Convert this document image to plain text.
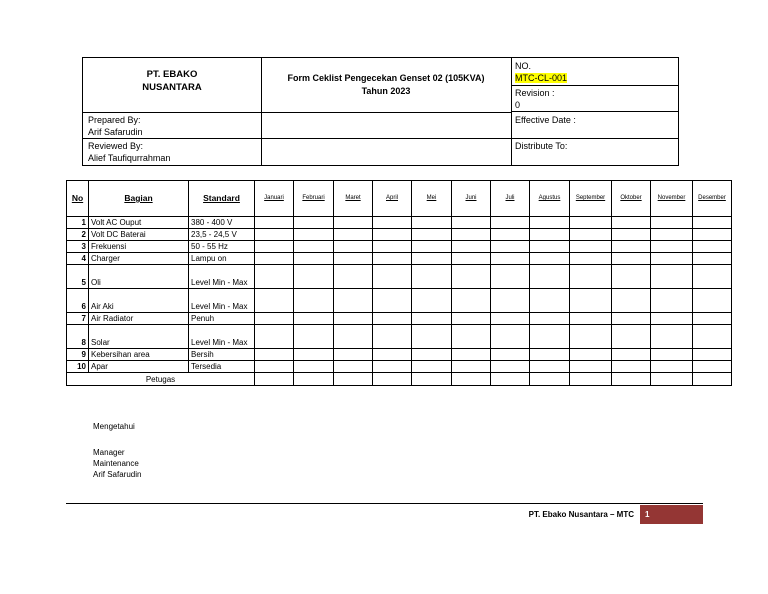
PT. EBAKO
NUSANTARA
Form Ceklist Pengecekan Genset 02 (105KVA)
Tahun 2023
NO.
MTC-CL-001
Revision :
0
Prepared By:
Arif Safarudin
Effective Date :
Reviewed By:
Alief Taufiqurrahman
Distribute To:
No	Bagian	Standard	Januari	Februari	Maret	April	Mei	Juni	Juli	Agustus	September	Oktober	November	Desember
1	Volt AC Ouput	380 - 400 V												
2	Volt DC Baterai	23,5 - 24,5 V												
3	Frekuensi	50 - 55 Hz												
4	Charger	Lampu on												
5	Oli	Level Min - Max												
6	Air Aki	Level Min - Max												
7	Air Radiator	Penuh												
8	Solar	Level Min - Max												
9	Kebersihan area	Bersih												
10	Apar	Tersedia												
Petugas														
Mengetahui
Manager
Maintenance
Arif Safarudin
PT. Ebako Nusantara – MTC 1
